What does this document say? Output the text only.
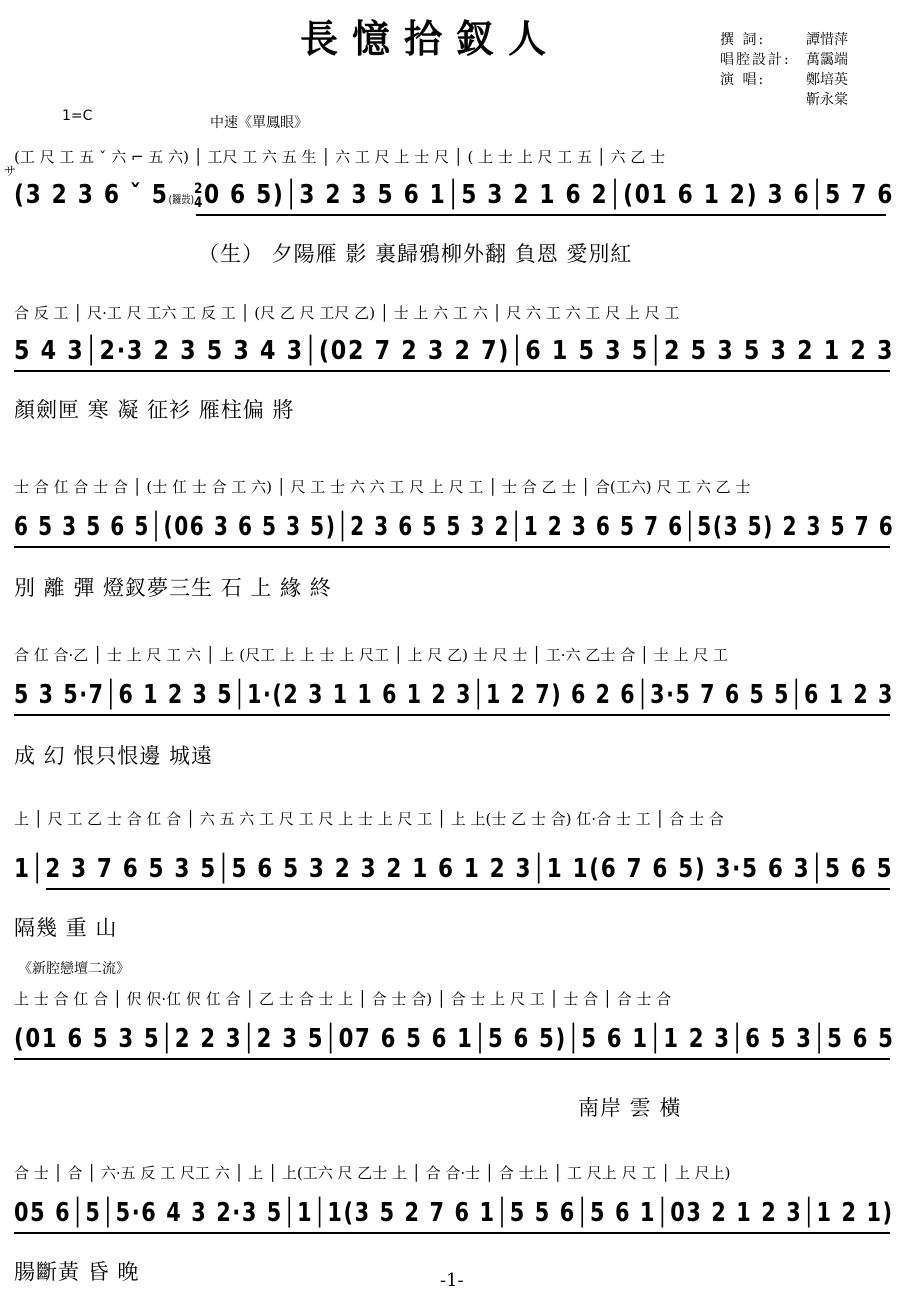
長憶拾釵人	撰 詞:	譚惜萍
唱腔設計:	萬靄端
演 唱:	鄭培英
靳永棠
1=C	中速《單鳳眼》
サ
(工 尺 工 五 ˇ 六 ⌐ 五 六) │ 工尺 工 六 五 生 │ 六 工 尺 上 士 尺 │ ( 上 士 上 尺 工 五 │ 六 乙 士
(3 2 3 6 ˇ 5(鑼鼓)2
40 6 5)│3 2 3 5 6 1│5 3 2 1 6 2│(01 6 1 2) 3 6│5 7 6
（生） 夕陽雁 影 裏歸鴉柳外翻 負恩 愛別紅
合 反 工 │ 尺·工 尺 工六 工 反 工 │ (尺 乙 尺 工尺 乙) │ 士 上 六 工 六 │ 尺 六 工 六 工 尺 上 尺 工
5 4 3│2·3 2 3 5 3 4 3│(02 7 2 3 2 7)│6 1 5 3 5│2 5 3 5 3 2 1 2 3
顏劍匣 寒 凝 征衫 雁柱偏 將
士 合 仜 合 士 合 │ (士 仜 士 合 工 六) │ 尺 工 士 六 六 工 尺 上 尺 工 │ 士 合 乙 士 │ 合(工六) 尺 工 六 乙 士
6 5 3 5 6 5│(06 3 6 5 3 5)│2 3 6 5 5 3 2│1 2 3 6 5 7 6│5(3 5) 2 3 5 7 6
別 離 彈 燈釵夢三生 石 上 緣 終
合 仜 合·乙 │ 士 上 尺 工 六 │ 上 (尺工 上 上 士 上 尺工 │ 上 尺 乙) 士 尺 士 │ 工·六 乙士 合 │ 士 上 尺 工
5 3 5·7│6 1 2 3 5│1·(2 3 1 1 6 1 2 3│1 2 7) 6 2 6│3·5 7 6 5 5│6 1 2 3
成 幻 恨只恨邊 城遠
上 │ 尺 工 乙 士 合 仜 合 │ 六 五 六 工 尺 工 尺 上 士 上 尺 工 │ 上 上(士 乙 士 合) 仜·合 士 工 │ 合 士 合
1│2 3 7 6 5 3 5│5 6 5 3 2 3 2 1 6 1 2 3│1 1(6 7 6 5) 3·5 6 3│5 6 5
隔幾 重 山
《新腔戀壇二流》
上 士 合 仜 合 │ 伬 伬·仜 伬 仜 合 │ 乙 士 合 士 上 │ 合 士 合) │ 合 士 上 尺 工 │ 士 合 │ 合 士 合
(01 6 5 3 5│2 2 3│2 3 5│07 6 5 6 1│5 6 5)│5 6 1│1 2 3│6 5 3│5 6 5
南岸 雲 橫
合 士 │ 合 │ 六·五 反 工 尺工 六 │ 上 │ 上(工六 尺 乙士 上 │ 合 合·士 │ 合 士上 │ 工 尺上 尺 工 │ 上 尺上)
05 6│5│5·6 4 3 2·3 5│1│1(3 5 2 7 6 1│5 5 6│5 6 1│03 2 1 2 3│1 2 1)
腸斷黃 昏 晚	-1-
